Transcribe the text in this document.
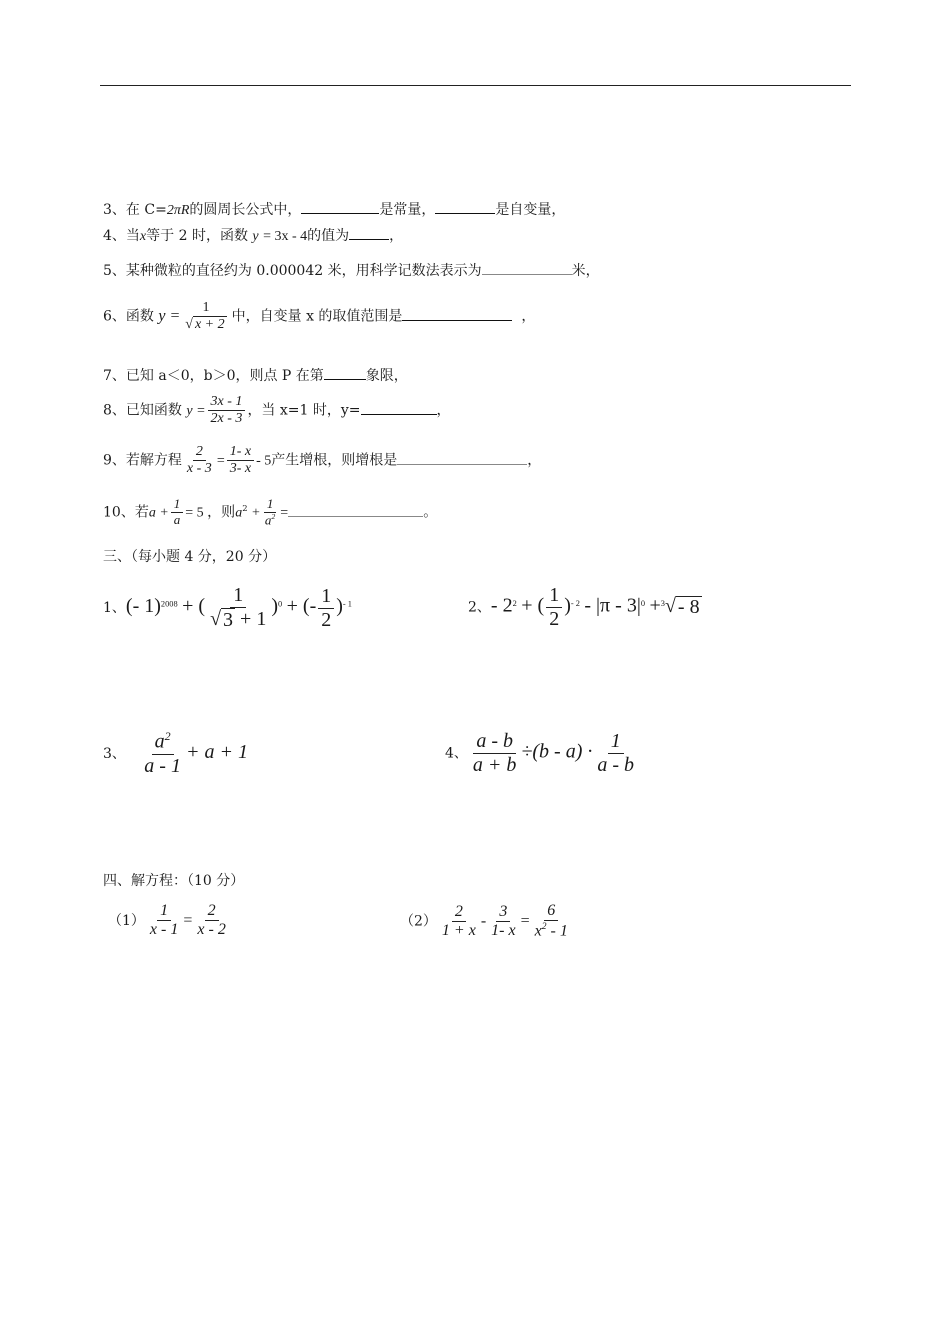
3、在 C=2πR的圆周长公式中，	是常量，	是自变量，
4、当x等于 2 时，函数 y = 3x - 4的值为	，
5、某种微粒的直径约为 0.000042 米，用科学记数法表示为	米，
6、函数 $y = \frac{1}{√ x + 2}$ 中，自变量 x 的取值范围是	，
7、已知 a＜0，b＞0，则点 P 在第	象限，
8、已知函数 $y = \frac{3x - 1}{2x - 3}$ ，当 x=1 时，y=	，
9、若解方程 $\frac{2}{x - 3} = \frac{1- x}{3- x} - 5$产生增根，则增根是	，
10、若$a + \frac{1}{a} = 5$ ，则$a^2 + \frac{1}{a^2}$ =	。
三、（每小题 4 分，20 分）
1、(- 1)$^{2008}$ + ( $\frac{1}{√ 3 + 1} )^0$ + (- $\frac{1}{2} )^{- 1}$	2、- $2^2$ + ( $\frac{1}{2} )^{- 2} - |\pi - 3|^0 +^3$ √ - 8
3、 $\frac{a^2}{a - 1} + a + 1$	4、 $\frac{a - b}{a + b} \div(b - a) \cdot \frac{1}{a - b}$
四、解方程：（10 分）
$(1) \frac{1}{x - 1} = \frac{2}{x - 2}$	$(2) \frac{2}{1 + x} - \frac{3}{1- x} = \frac{6}{x^2 - 1}$
